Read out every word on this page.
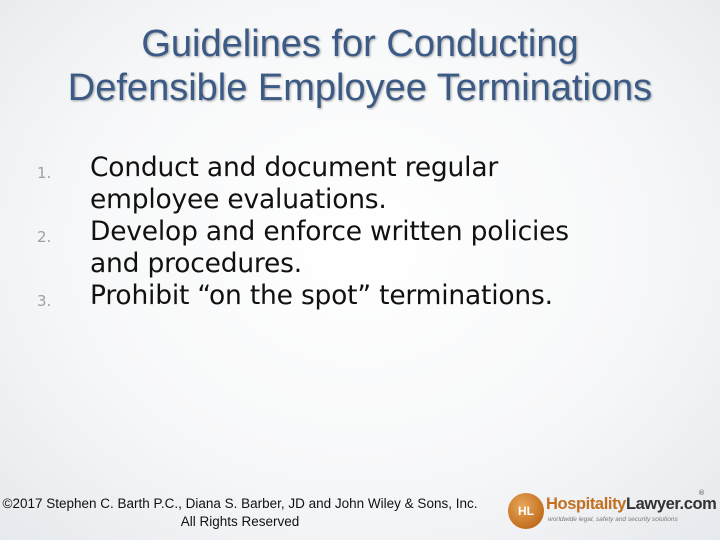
Guidelines for Conducting
Defensible Employee Terminations
1. Conduct and document regular
employee evaluations.
2. Develop and enforce written policies
and procedures.
3. Prohibit “on the spot” terminations.
©2017 Stephen C. Barth P.C., Diana S. Barber, JD and John Wiley & Sons, Inc.
All Rights Reserved
HL HospitalityLawyer.com
worldwide legal, safety and security solutions
®
